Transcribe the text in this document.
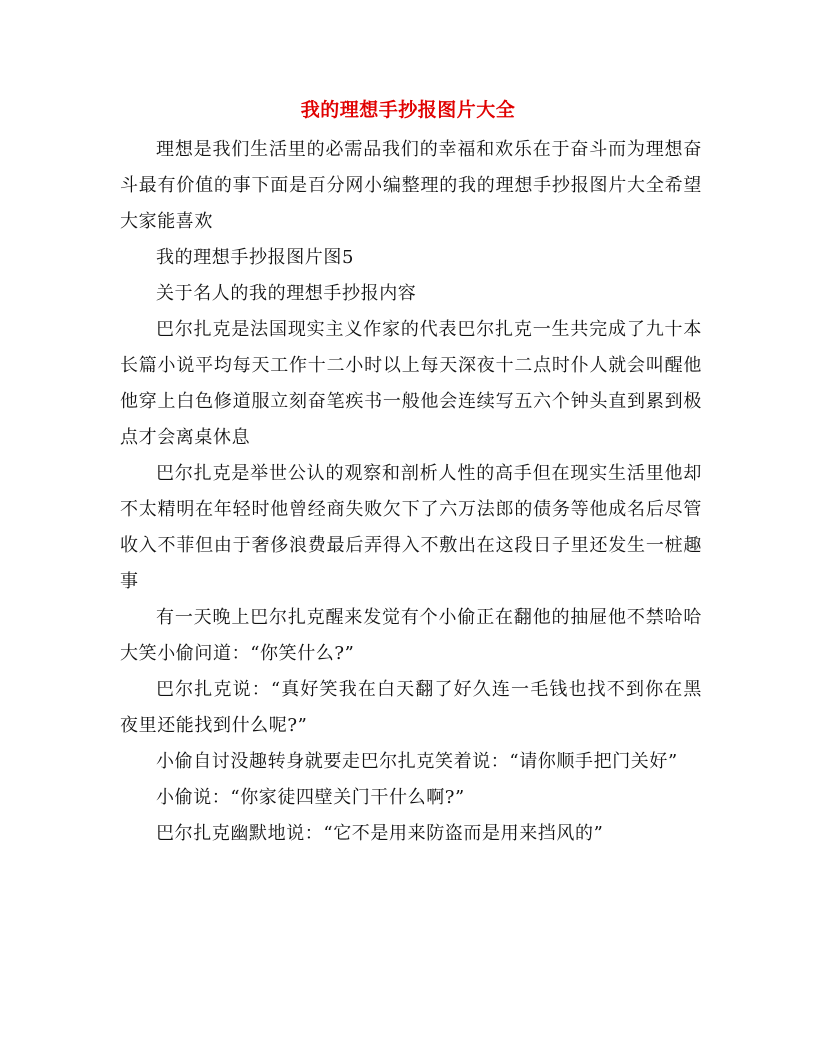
我的理想手抄报图片大全

理想是我们生活里的必需品我们的幸福和欢乐在于奋斗而为理想奋斗最有价值的事下面是百分网小编整理的我的理想手抄报图片大全希望大家能喜欢

我的理想手抄报图片图5

关于名人的我的理想手抄报内容

巴尔扎克是法国现实主义作家的代表巴尔扎克一生共完成了九十本长篇小说平均每天工作十二小时以上每天深夜十二点时仆人就会叫醒他他穿上白色修道服立刻奋笔疾书一般他会连续写五六个钟头直到累到极点才会离桌休息

巴尔扎克是举世公认的观察和剖析人性的高手但在现实生活里他却不太精明在年轻时他曾经商失败欠下了六万法郎的债务等他成名后尽管收入不菲但由于奢侈浪费最后弄得入不敷出在这段日子里还发生一桩趣事

有一天晚上巴尔扎克醒来发觉有个小偷正在翻他的抽屉他不禁哈哈大笑小偷问道：“你笑什么?”

巴尔扎克说：“真好笑我在白天翻了好久连一毛钱也找不到你在黑夜里还能找到什么呢?”

小偷自讨没趣转身就要走巴尔扎克笑着说：“请你顺手把门关好”

小偷说：“你家徒四壁关门干什么啊?”

巴尔扎克幽默地说：“它不是用来防盗而是用来挡风的”
